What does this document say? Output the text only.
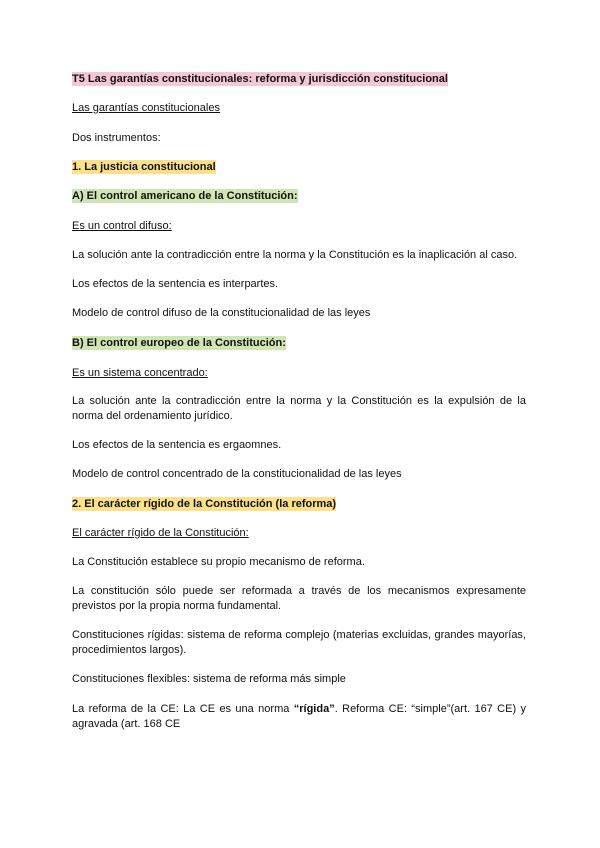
T5 Las garantías constitucionales: reforma y jurisdicción constitucional

Las garantías constitucionales

Dos instrumentos:

1. La justicia constitucional

A) El control americano de la Constitución:

Es un control difuso:

La solución ante la contradicción entre la norma y la Constitución es la inaplicación al caso.

Los efectos de la sentencia es interpartes.

Modelo de control difuso de la constitucionalidad de las leyes

B) El control europeo de la Constitución:

Es un sistema concentrado:

La solución ante la contradicción entre la norma y la Constitución es la expulsión de la norma del ordenamiento jurídico.

Los efectos de la sentencia es ergaomnes.

Modelo de control concentrado de la constitucionalidad de las leyes

2. El carácter rígido de la Constitución (la reforma)

El carácter rígido de la Constitución:

La Constitución establece su propio mecanismo de reforma.

La constitución sólo puede ser reformada a través de los mecanismos expresamente previstos por la propia norma fundamental.

Constituciones rígidas: sistema de reforma complejo (materias excluidas, grandes mayorías, procedimientos largos).

Constituciones flexibles: sistema de reforma más simple

La reforma de la CE: La CE es una norma “rígida”. Reforma CE: “simple”(art. 167 CE) y agravada (art. 168 CE
